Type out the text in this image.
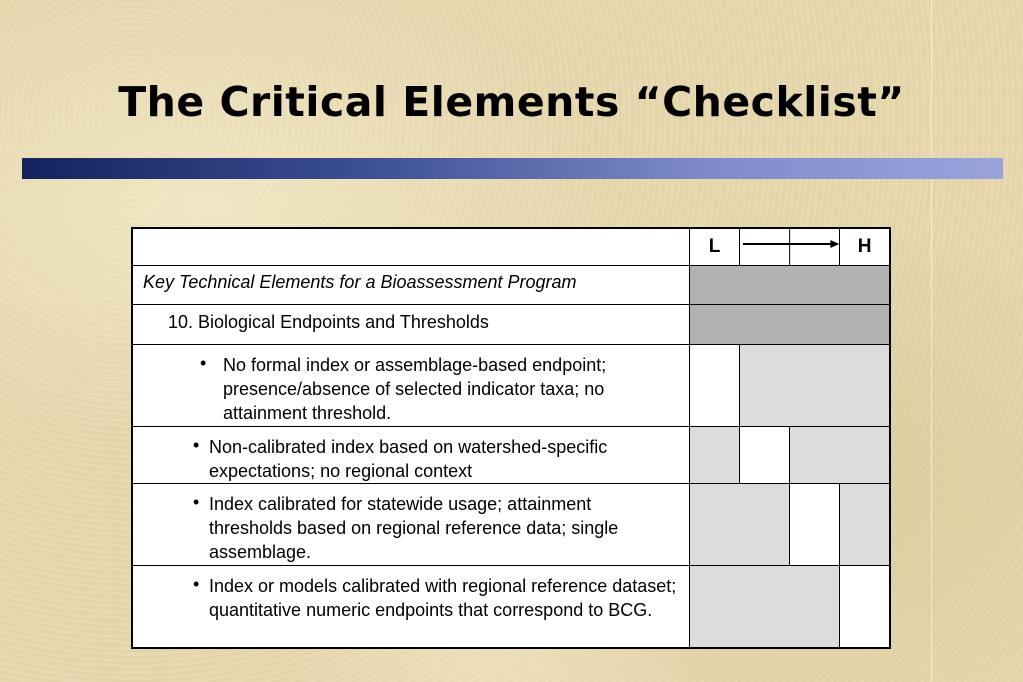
The Critical Elements “Checklist”
	L			H
Key Technical Elements for a Bioassessment Program				
10. Biological Endpoints and Thresholds				

• No formal index or assemblage-based endpoint; presence/absence of selected indicator taxa; no attainment threshold.				

• Non-calibrated index based on watershed-specific expectations; no regional context				

• Index calibrated for statewide usage; attainment thresholds based on regional reference data; single assemblage.				

• Index or models calibrated with regional reference dataset; quantitative numeric endpoints that correspond to BCG.				
